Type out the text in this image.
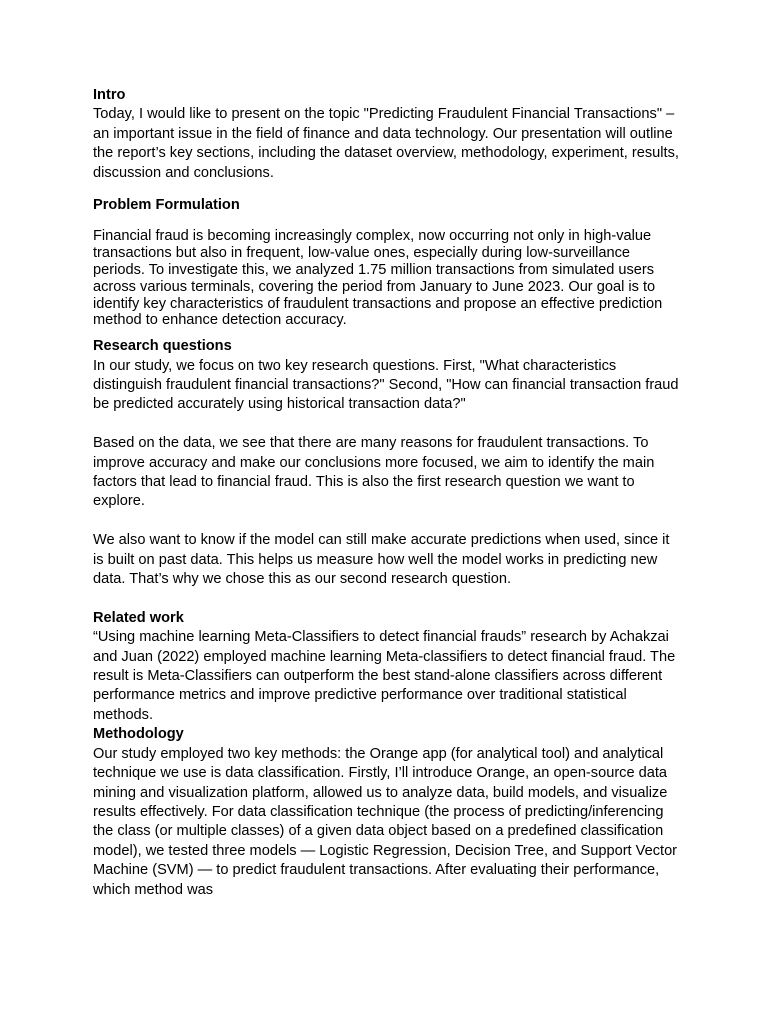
Intro

Today, I would like to present on the topic "Predicting Fraudulent Financial Transactions" – an important issue in the field of finance and data technology. Our presentation will outline the report’s key sections, including the dataset overview, methodology, experiment, results, discussion and conclusions.

Problem Formulation

Financial fraud is becoming increasingly complex, now occurring not only in high-value transactions but also in frequent, low-value ones, especially during low-surveillance periods. To investigate this, we analyzed 1.75 million transactions from simulated users across various terminals, covering the period from January to June 2023. Our goal is to identify key characteristics of fraudulent transactions and propose an effective prediction method to enhance detection accuracy.

Research questions

In our study, we focus on two key research questions. First, "What characteristics distinguish fraudulent financial transactions?" Second, "How can financial transaction fraud be predicted accurately using historical transaction data?"

Based on the data, we see that there are many reasons for fraudulent transactions. To improve accuracy and make our conclusions more focused, we aim to identify the main factors that lead to financial fraud. This is also the first research question we want to explore.

We also want to know if the model can still make accurate predictions when used, since it is built on past data. This helps us measure how well the model works in predicting new data. That’s why we chose this as our second research question.

Related work

“Using machine learning Meta-Classifiers to detect financial frauds” research by Achakzai and Juan (2022) employed machine learning Meta-classifiers to detect financial fraud. The result is Meta-Classifiers can outperform the best stand-alone classifiers across different performance metrics and improve predictive performance over traditional statistical methods.

Methodology

Our study employed two key methods: the Orange app (for analytical tool) and analytical technique we use is data classification. Firstly, I’ll introduce Orange, an open-source data mining and visualization platform, allowed us to analyze data, build models, and visualize results effectively. For data classification technique (the process of predicting/inferencing the class (or multiple classes) of a given data object based on a predefined classification model), we tested three models — Logistic Regression, Decision Tree, and Support Vector Machine (SVM) — to predict fraudulent transactions. After evaluating their performance, which method was
